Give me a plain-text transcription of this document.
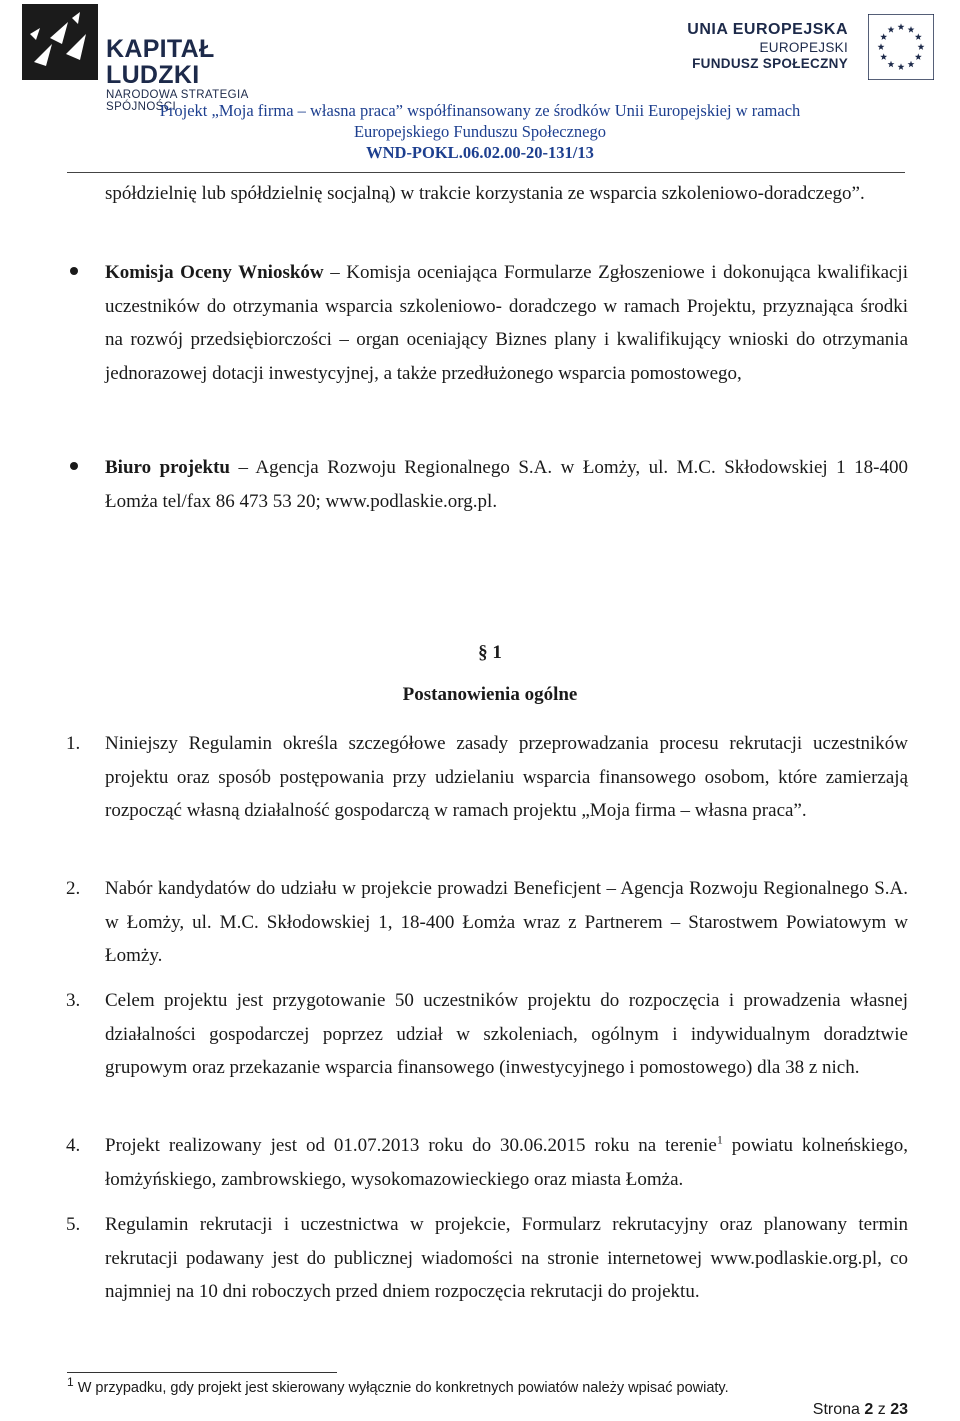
KAPITAŁ LUDZKI
NARODOWA STRATEGIA SPÓJNOŚCI
UNIA EUROPEJSKA
EUROPEJSKI
FUNDUSZ SPOŁECZNY
Projekt „Moja firma – własna praca” współfinansowany ze środków Unii Europejskiej w ramach
Europejskiego Funduszu Społecznego
WND-POKL.06.02.00-20-131/13
spółdzielnię lub spółdzielnię socjalną) w trakcie korzystania ze wsparcia szkoleniowo-doradczego”.
Komisja Oceny Wniosków – Komisja oceniająca Formularze Zgłoszeniowe i dokonująca kwalifikacji uczestników do otrzymania wsparcia szkoleniowo- doradczego w ramach Projektu, przyznająca środki na rozwój przedsiębiorczości – organ oceniający Biznes plany i kwalifikujący wnioski do otrzymania jednorazowej dotacji inwestycyjnej, a także przedłużonego wsparcia pomostowego,
Biuro projektu – Agencja Rozwoju Regionalnego S.A. w Łomży, ul. M.C. Skłodowskiej 1 18-400 Łomża tel/fax 86 473 53 20; www.podlaskie.org.pl.
§ 1
Postanowienia ogólne
1. Niniejszy Regulamin określa szczegółowe zasady przeprowadzania procesu rekrutacji uczestników projektu oraz sposób postępowania przy udzielaniu wsparcia finansowego osobom, które zamierzają rozpocząć własną działalność gospodarczą w ramach projektu „Moja firma – własna praca”.
2. Nabór kandydatów do udziału w projekcie prowadzi Beneficjent – Agencja Rozwoju Regionalnego S.A. w Łomży, ul. M.C. Skłodowskiej 1, 18-400 Łomża wraz z Partnerem – Starostwem Powiatowym w Łomży.
3. Celem projektu jest przygotowanie 50 uczestników projektu do rozpoczęcia i prowadzenia własnej działalności gospodarczej poprzez udział w szkoleniach, ogólnym i indywidualnym doradztwie grupowym oraz przekazanie wsparcia finansowego (inwestycyjnego i pomostowego) dla 38 z nich.
4. Projekt realizowany jest od 01.07.2013 roku do 30.06.2015 roku na terenie$^1$ powiatu kolneńskiego, łomżyńskiego, zambrowskiego, wysokomazowieckiego oraz miasta Łomża.
5. Regulamin rekrutacji i uczestnictwa w projekcie, Formularz rekrutacyjny oraz planowany termin rekrutacji podawany jest do publicznej wiadomości na stronie internetowej www.podlaskie.org.pl, co najmniej na 10 dni roboczych przed dniem rozpoczęcia rekrutacji do projektu.
$^1$ W przypadku, gdy projekt jest skierowany wyłącznie do konkretnych powiatów należy wpisać powiaty.
Strona 2 z 23
